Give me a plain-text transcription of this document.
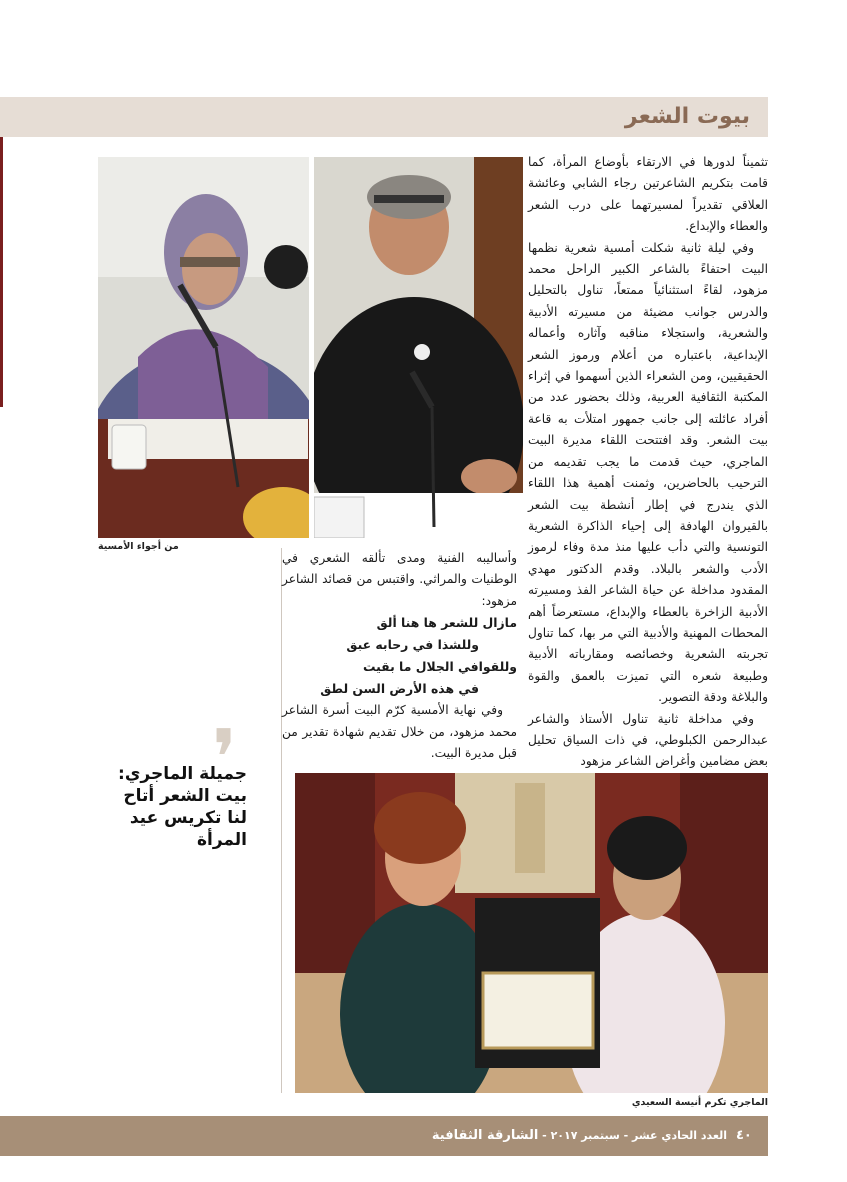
بيوت الشعر
من أجواء الأمسية

تثميناً لدورها في الارتقاء بأوضاع المرأة، كما قامت بتكريم الشاعرتين رجاء الشابي وعائشة العلاقي تقديراً لمسيرتهما على درب الشعر والعطاء والإبداع.

وفي ليلة ثانية شكلت أمسية شعرية نظمها البيت احتفاءً بالشاعر الكبير الراحل محمد مزهود، لقاءً استثنائياً ممتعاً، تناول بالتحليل والدرس جوانب مضيئة من مسيرته الأدبية والشعرية، واستجلاء مناقبه وآثاره وأعماله الإبداعية، باعتباره من أعلام ورموز الشعر الحقيقيين، ومن الشعراء الذين أسهموا في إثراء المكتبة الثقافية العربية، وذلك بحضور عدد من أفراد عائلته إلى جانب جمهور امتلأت به قاعة بيت الشعر. وقد افتتحت اللقاء مديرة البيت الماجري، حيث قدمت ما يجب تقديمه من الترحيب بالحاضرين، وثمنت أهمية هذا اللقاء الذي يندرج في إطار أنشطة بيت الشعر بالقيروان الهادفة إلى إحياء الذاكرة الشعرية التونسية والتي دأب عليها منذ مدة وفاء لرموز الأدب والشعر بالبلاد. وقدم الدكتور مهدي المقدود مداخلة عن حياة الشاعر الفذ ومسيرته الأدبية الزاخرة بالعطاء والإبداع، مستعرضاً أهم المحطات المهنية والأدبية التي مر بها، كما تناول تجربته الشعرية وخصائصه ومقارباته الأدبية وطبيعة شعره التي تميزت بالعمق والقوة والبلاغة ودقة التصوير.

وفي مداخلة ثانية تناول الأستاذ والشاعر عبدالرحمن الكبلوطي، في ذات السياق تحليل بعض مضامين وأغراض الشاعر مزهود

وأساليبه الفنية ومدى تألقه الشعري في الوطنيات والمراثي. واقتبس من قصائد الشاعر مزهود:

مازال للشعر ها هنا ألق

وللشذا في رحابه عبق

وللقوافي الجلال ما بقيت

في هذه الأرض السن لطق

وفي نهاية الأمسية كرّم البيت أسرة الشاعر محمد مزهود، من خلال تقديم شهادة تقدير من قبل مديرة البيت.

❜
جميلة الماجري: بيت الشعر أتاح لنا تكريس عيد المرأة
الماجري تكرم أنيسة السعيدي
٤٠
العدد الحادي عشر - سبتمبر ٢٠١٧ - الشارقة الثقافية
